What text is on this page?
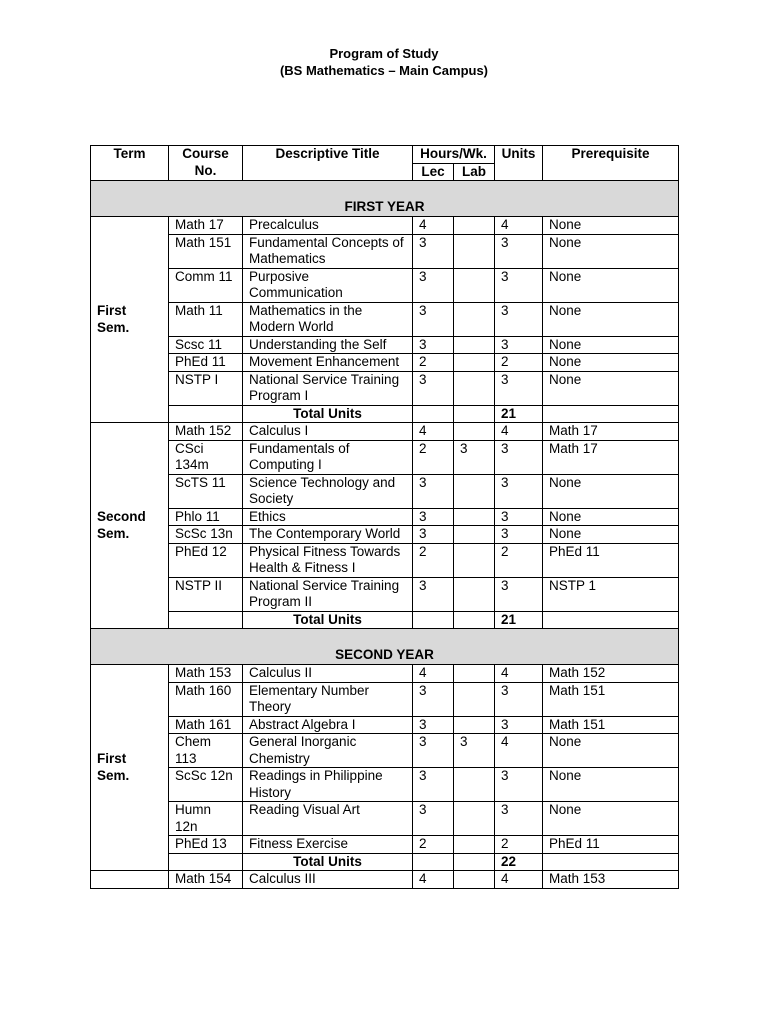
Program of Study
(BS Mathematics – Main Campus)
Term	Course No.	Descriptive Title	Hours/Wk.		Units	Prerequisite
			Lec	Lab		
FIRST YEAR						
First Sem.	Math 17	Precalculus	4		4	None
	Math 151	Fundamental Concepts of Mathematics	3		3	None
	Comm 11	Purposive Communication	3		3	None
	Math 11	Mathematics in the Modern World	3		3	None
	Scsc 11	Understanding the Self	3		3	None
	PhEd 11	Movement Enhancement	2		2	None
	NSTP I	National Service Training Program I	3		3	None
		Total Units			21	
Second Sem.	Math 152	Calculus I	4		4	Math 17
	CSci 134m	Fundamentals of Computing I	2	3	3	Math 17
	ScTS 11	Science Technology and Society	3		3	None
	Phlo 11	Ethics	3		3	None
	ScSc 13n	The Contemporary World	3		3	None
	PhEd 12	Physical Fitness Towards Health & Fitness I	2		2	PhEd 11
	NSTP II	National Service Training Program II	3		3	NSTP 1
		Total Units			21	
SECOND YEAR						
First Sem.	Math 153	Calculus II	4		4	Math 152
	Math 160	Elementary Number Theory	3		3	Math 151
	Math 161	Abstract Algebra I	3		3	Math 151
	Chem 113	General Inorganic Chemistry	3	3	4	None
	ScSc 12n	Readings in Philippine History	3		3	None
	Humn 12n	Reading Visual Art	3		3	None
	PhEd 13	Fitness Exercise	2		2	PhEd 11
		Total Units			22	
	Math 154	Calculus III	4		4	Math 153
